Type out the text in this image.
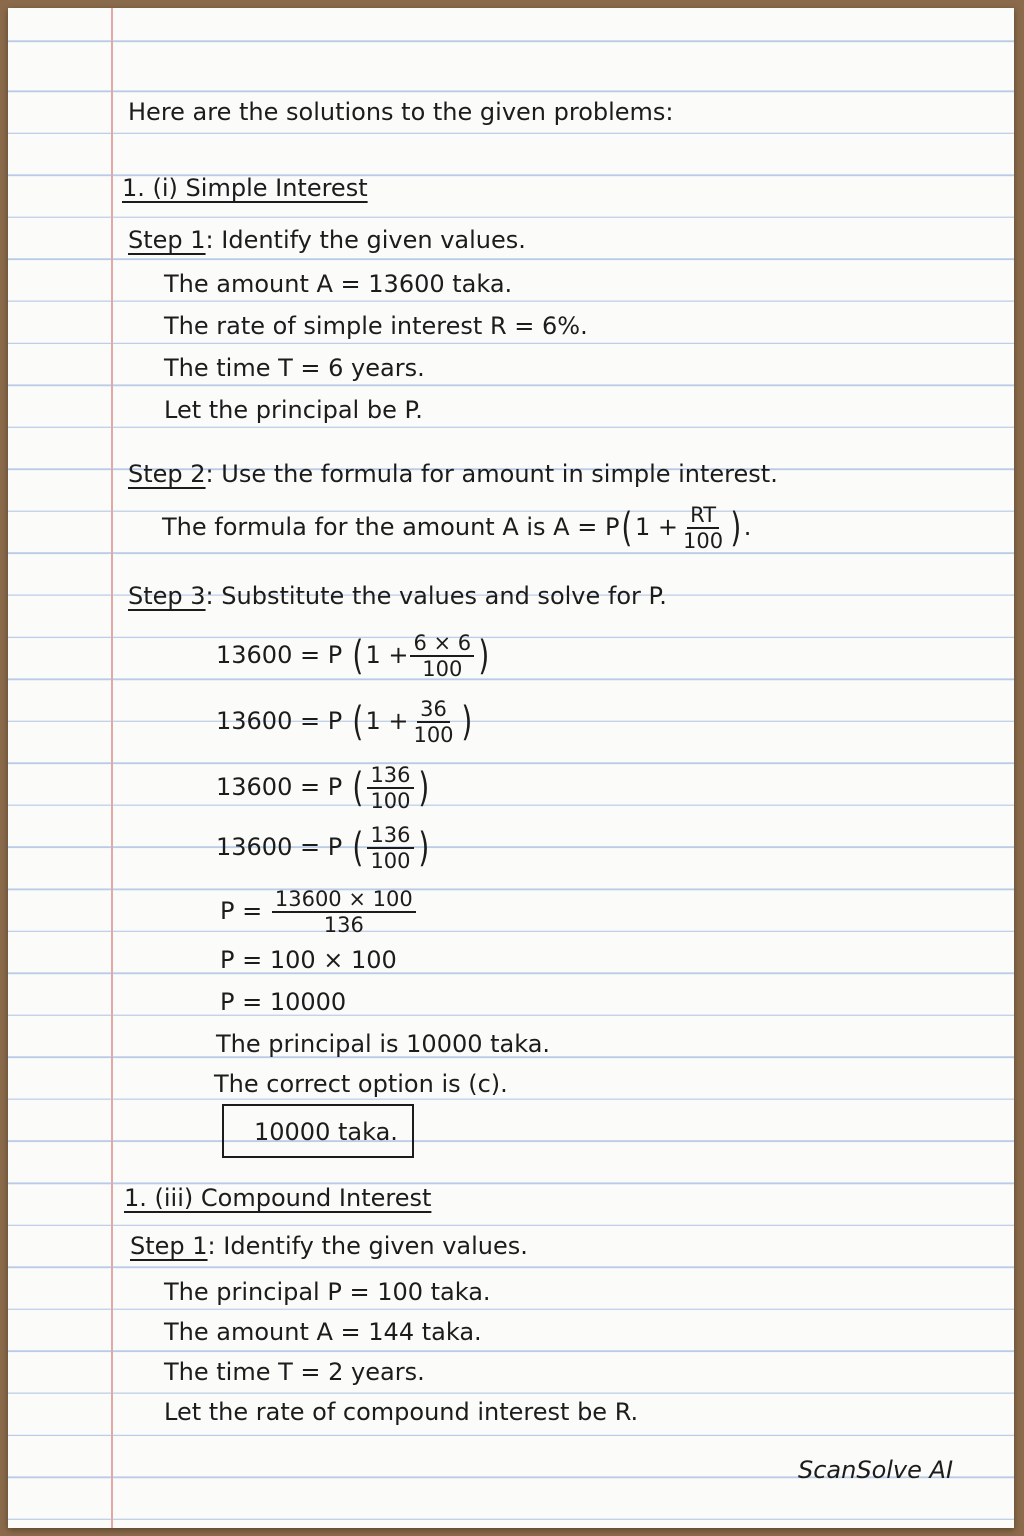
Here are the solutions to the given problems:
1. (i) Simple Interest
Step 1: Identify the given values.
The amount A = 13600 taka.
The rate of simple interest R = 6%.
The time T = 6 years.
Let the principal be P.
Step 2: Use the formula for amount in simple interest.
The formula for the amount A is $A = P(1 + \frac{RT}{100}$ ).
Step 3: Substitute the values and solve for P.
13600 = P ($1 + \frac{6 \times 6}{100}$ )
13600 = P ($1 + \frac{36}{100}$ )
13600 = P ( $\frac{136}{100}$ )
13600 = P ( $\frac{136}{100}$ )
$P = \frac{13600 \times 100}{136}$
P = 100 × 100
P = 10000
The principal is 10000 taka.
The correct option is (c).
10000 taka.
1. (iii) Compound Interest
Step 1: Identify the given values.
The principal P = 100 taka.
The amount A = 144 taka.
The time T = 2 years.
Let the rate of compound interest be R.
ScanSolve AI
